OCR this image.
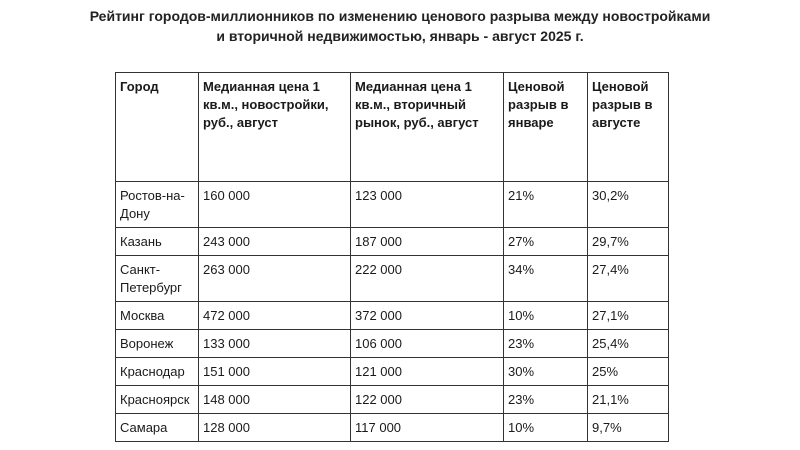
Рейтинг городов-миллионников по изменению ценового разрыва между новостройками
и вторичной недвижимостью, январь - август 2025 г.
Город	Медианная цена 1 кв.м., новостройки, руб., август	Медианная цена 1 кв.м., вторичный рынок, руб., август	Ценовой разрыв в январе	Ценовой разрыв в августе
Ростов-на-Дону	160 000	123 000	21%	30,2%
Казань	243 000	187 000	27%	29,7%
Санкт-Петербург	263 000	222 000	34%	27,4%
Москва	472 000	372 000	10%	27,1%
Воронеж	133 000	106 000	23%	25,4%
Краснодар	151 000	121 000	30%	25%
Красноярск	148 000	122 000	23%	21,1%
Самара	128 000	117 000	10%	9,7%
